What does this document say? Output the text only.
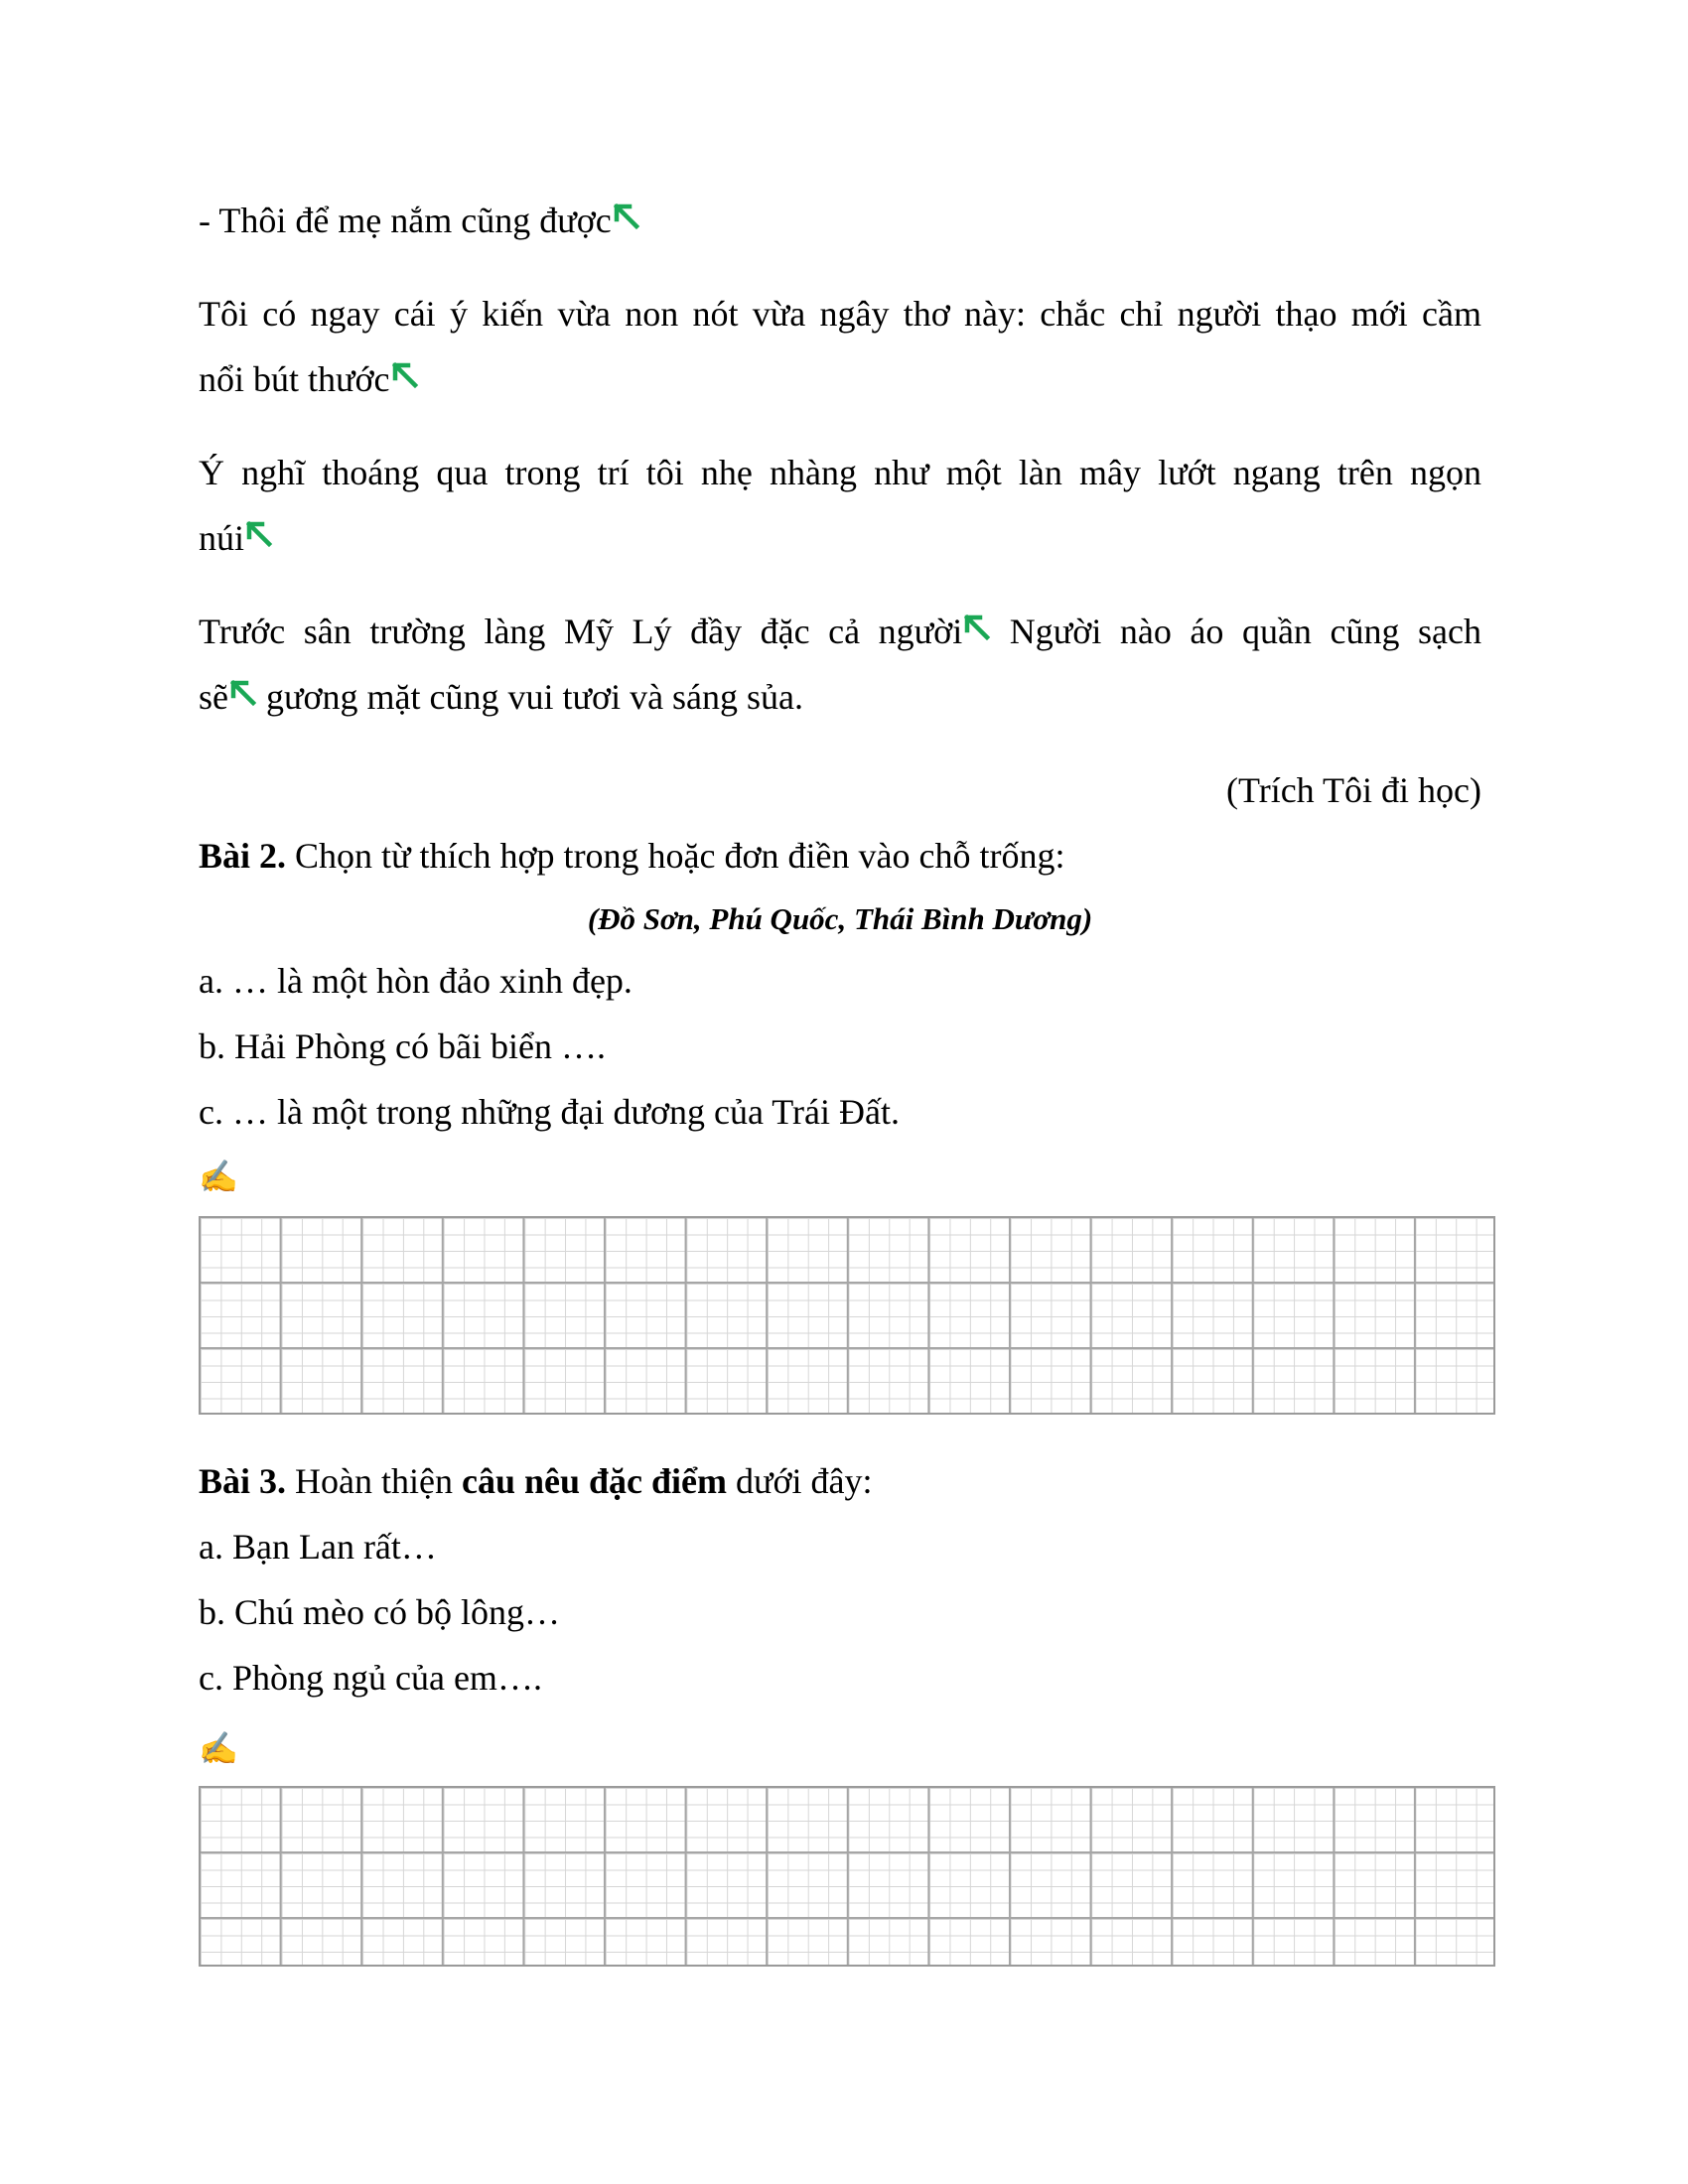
- Thôi để mẹ nắm cũng được
Tôi có ngay cái ý kiến vừa non nót vừa ngây thơ này: chắc chỉ người thạo mới cầm
nổi bút thước
Ý nghĩ thoáng qua trong trí tôi nhẹ nhàng như một làn mây lướt ngang trên ngọn
núi
Trước sân trường làng Mỹ Lý đầy đặc cả người
Người nào áo quần cũng sạch
sẽ
gương mặt cũng vui tươi và sáng sủa.
(Trích Tôi đi học)
Bài 2. Chọn từ thích hợp trong hoặc đơn điền vào chỗ trống:
(Đồ Sơn, Phú Quốc, Thái Bình Dương)
a. … là một hòn đảo xinh đẹp.
b. Hải Phòng có bãi biển ….
c. … là một trong những đại dương của Trái Đất.
✍
Bài 3. Hoàn thiện câu nêu đặc điểm dưới đây:
a. Bạn Lan rất…
b. Chú mèo có bộ lông…
c. Phòng ngủ của em….
✍
